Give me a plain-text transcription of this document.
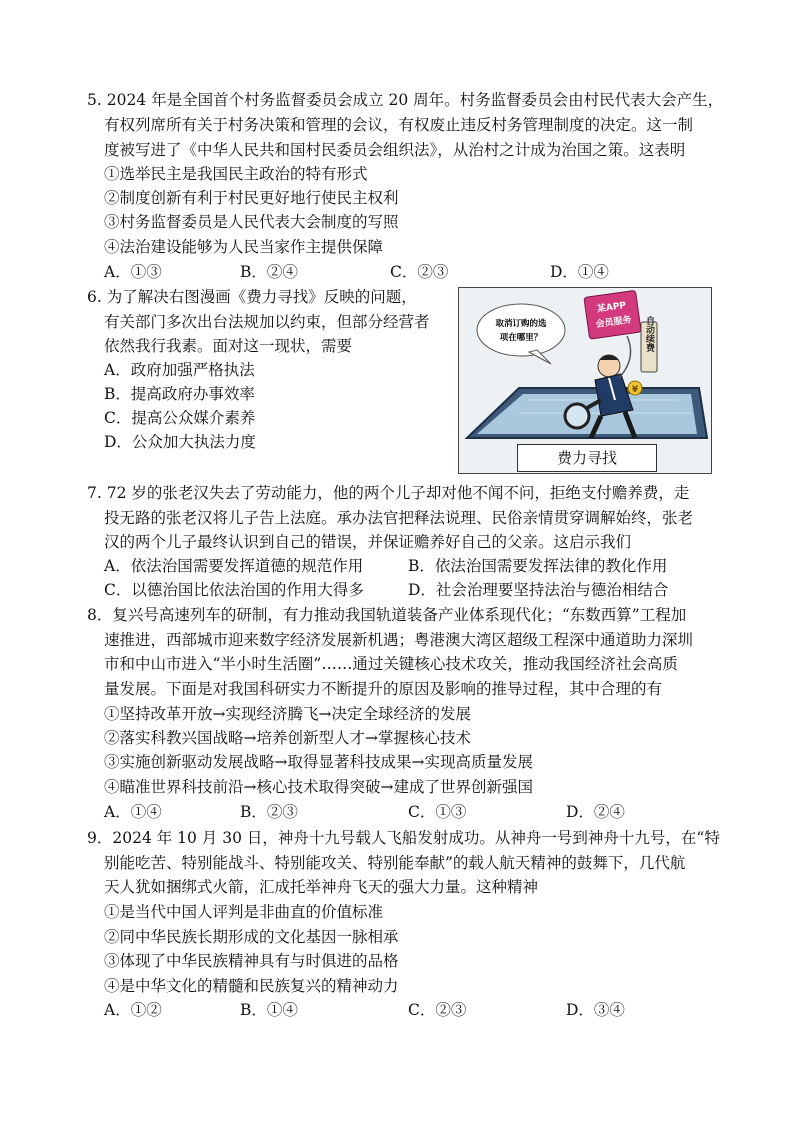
5. 2024 年是全国首个村务监督委员会成立 20 周年。村务监督委员会由村民代表大会产生，
有权列席所有关于村务决策和管理的会议，有权废止违反村务管理制度的决定。这一制
度被写进了《中华人民共和国村民委员会组织法》，从治村之计成为治国之策。这表明
①选举民主是我国民主政治的特有形式
②制度创新有利于村民更好地行使民主权利
③村务监督委员是人民代表大会制度的写照
④法治建设能够为人民当家作主提供保障
A．①③	B．②④	C．②③	D．①④
6. 为了解决右图漫画《费力寻找》反映的问题，
有关部门多次出台法规加以约束，但部分经营者
依然我行我素。面对这一现状，需要
A．政府加强严格执法
B．提高政府办事效率
C．提高公众媒介素养
D．公众加大执法力度
取消订购的选
项在哪里？
某APP
会员服务 自动续费
¥
费力寻找
7. 72 岁的张老汉失去了劳动能力，他的两个儿子却对他不闻不问，拒绝支付赡养费，走
投无路的张老汉将儿子告上法庭。承办法官把释法说理、民俗亲情贯穿调解始终，张老
汉的两个儿子最终认识到自己的错误，并保证赡养好自己的父亲。这启示我们
A．依法治国需要发挥道德的规范作用	B．依法治国需要发挥法律的教化作用
C．以德治国比依法治国的作用大得多	D．社会治理要坚持法治与德治相结合
8．复兴号高速列车的研制，有力推动我国轨道装备产业体系现代化；“东数西算”工程加
速推进，西部城市迎来数字经济发展新机遇；粤港澳大湾区超级工程深中通道助力深圳
市和中山市进入“半小时生活圈”……通过关键核心技术攻关，推动我国经济社会高质
量发展。下面是对我国科研实力不断提升的原因及影响的推导过程，其中合理的有
①坚持改革开放→实现经济腾飞→决定全球经济的发展
②落实科教兴国战略→培养创新型人才→掌握核心技术
③实施创新驱动发展战略→取得显著科技成果→实现高质量发展
④瞄准世界科技前沿→核心技术取得突破→建成了世界创新强国
A．①④	B．②③	C．①③	D．②④
9．2024 年 10 月 30 日，神舟十九号载人飞船发射成功。从神舟一号到神舟十九号，在“特
别能吃苦、特别能战斗、特别能攻关、特别能奉献”的载人航天精神的鼓舞下，几代航
天人犹如捆绑式火箭，汇成托举神舟飞天的强大力量。这种精神
①是当代中国人评判是非曲直的价值标准
②同中华民族长期形成的文化基因一脉相承
③体现了中华民族精神具有与时俱进的品格
④是中华文化的精髓和民族复兴的精神动力
A．①②	B．①④	C．②③	D．③④
